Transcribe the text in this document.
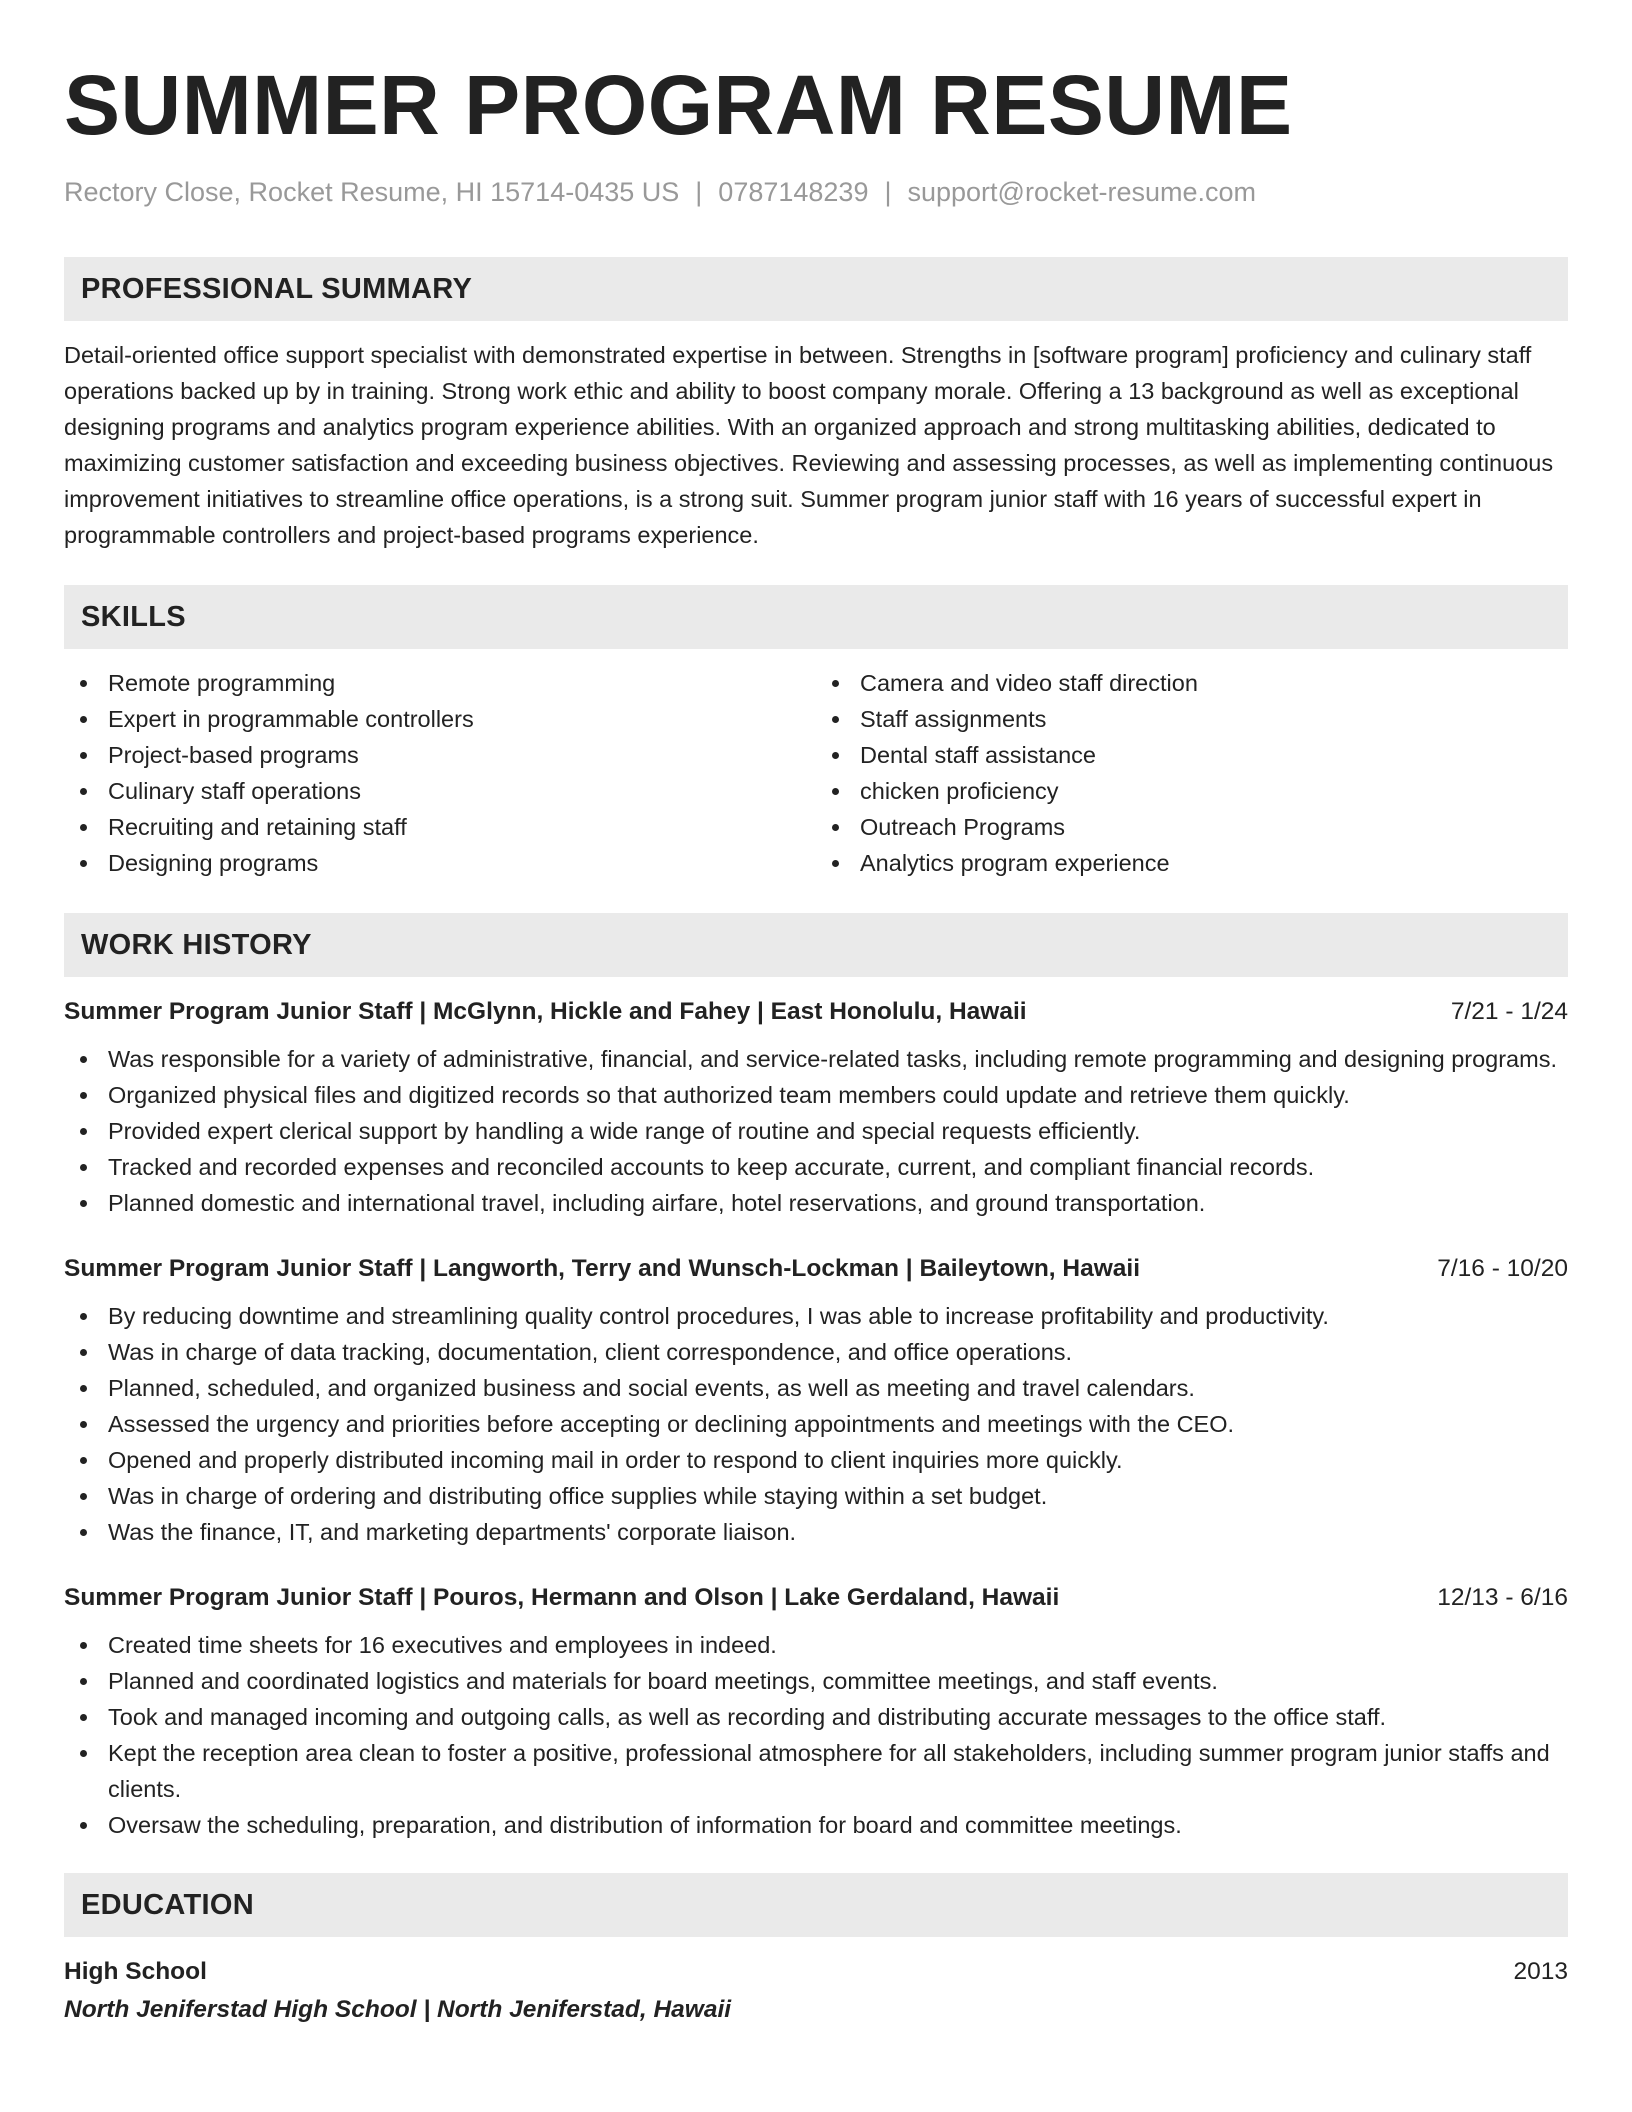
SUMMER PROGRAM RESUME
Rectory Close, Rocket Resume, HI 15714-0435 US | 0787148239 | support@rocket-resume.com
PROFESSIONAL SUMMARY

Detail-oriented office support specialist with demonstrated expertise in between. Strengths in [software program] proficiency and culinary staff operations backed up by in training. Strong work ethic and ability to boost company morale. Offering a 13 background as well as exceptional designing programs and analytics program experience abilities. With an organized approach and strong multitasking abilities, dedicated to maximizing customer satisfaction and exceeding business objectives. Reviewing and assessing processes, as well as implementing continuous improvement initiatives to streamline office operations, is a strong suit. Summer program junior staff with 16 years of successful expert in programmable controllers and project-based programs experience.

SKILLS
Remote programming
Expert in programmable controllers
Project-based programs
Culinary staff operations
Recruiting and retaining staff
Designing programs
Camera and video staff direction
Staff assignments
Dental staff assistance
chicken proficiency
Outreach Programs
Analytics program experience
WORK HISTORY
Summer Program Junior Staff | McGlynn, Hickle and Fahey | East Honolulu, Hawaii	7/21 - 1/24
Was responsible for a variety of administrative, financial, and service-related tasks, including remote programming and designing programs.
Organized physical files and digitized records so that authorized team members could update and retrieve them quickly.
Provided expert clerical support by handling a wide range of routine and special requests efficiently.
Tracked and recorded expenses and reconciled accounts to keep accurate, current, and compliant financial records.
Planned domestic and international travel, including airfare, hotel reservations, and ground transportation.
Summer Program Junior Staff | Langworth, Terry and Wunsch-Lockman | Baileytown, Hawaii	7/16 - 10/20
By reducing downtime and streamlining quality control procedures, I was able to increase profitability and productivity.
Was in charge of data tracking, documentation, client correspondence, and office operations.
Planned, scheduled, and organized business and social events, as well as meeting and travel calendars.
Assessed the urgency and priorities before accepting or declining appointments and meetings with the CEO.
Opened and properly distributed incoming mail in order to respond to client inquiries more quickly.
Was in charge of ordering and distributing office supplies while staying within a set budget.
Was the finance, IT, and marketing departments' corporate liaison.
Summer Program Junior Staff | Pouros, Hermann and Olson | Lake Gerdaland, Hawaii	12/13 - 6/16
Created time sheets for 16 executives and employees in indeed.
Planned and coordinated logistics and materials for board meetings, committee meetings, and staff events.
Took and managed incoming and outgoing calls, as well as recording and distributing accurate messages to the office staff.
Kept the reception area clean to foster a positive, professional atmosphere for all stakeholders, including summer program junior staffs and clients.
Oversaw the scheduling, preparation, and distribution of information for board and committee meetings.
EDUCATION
High School	2013
North Jeniferstad High School | North Jeniferstad, Hawaii
